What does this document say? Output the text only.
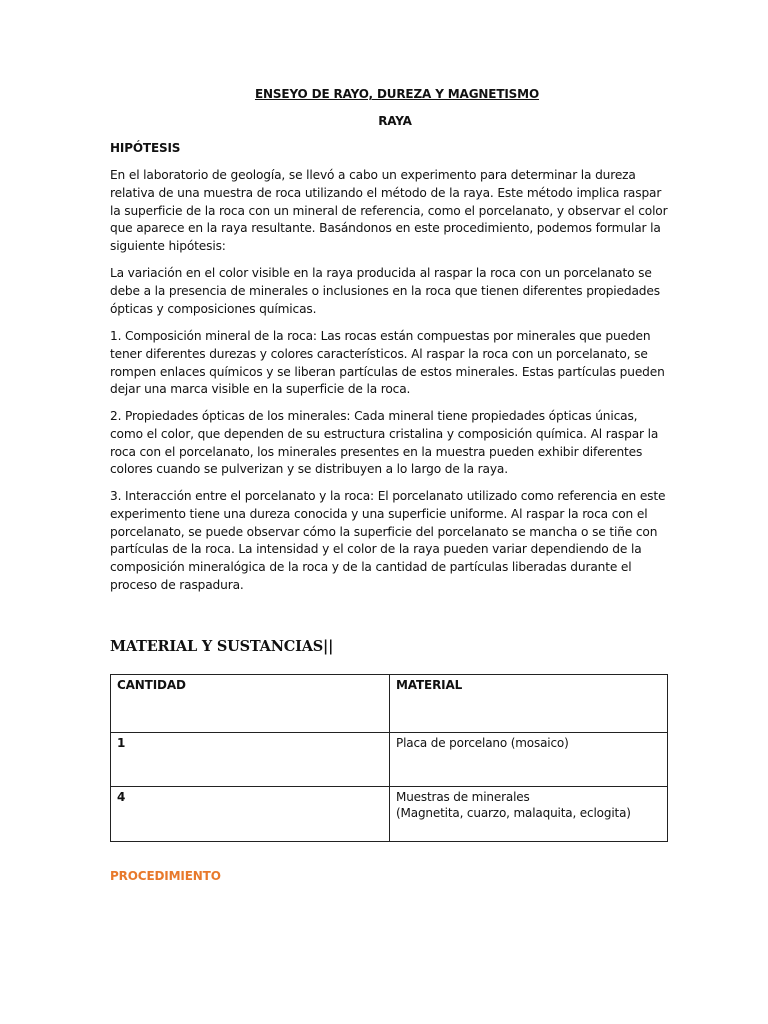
ENSEYO DE RAYO, DUREZA Y MAGNETISMO
RAYA
HIPÓTESIS

En el laboratorio de geología, se llevó a cabo un experimento para determinar la dureza relativa de una muestra de roca utilizando el método de la raya. Este método implica raspar la superficie de la roca con un mineral de referencia, como el porcelanato, y observar el color que aparece en la raya resultante. Basándonos en este procedimiento, podemos formular la siguiente hipótesis:

La variación en el color visible en la raya producida al raspar la roca con un porcelanato se debe a la presencia de minerales o inclusiones en la roca que tienen diferentes propiedades ópticas y composiciones químicas.

1. Composición mineral de la roca: Las rocas están compuestas por minerales que pueden tener diferentes durezas y colores característicos. Al raspar la roca con un porcelanato, se rompen enlaces químicos y se liberan partículas de estos minerales. Estas partículas pueden dejar una marca visible en la superficie de la roca.

2. Propiedades ópticas de los minerales: Cada mineral tiene propiedades ópticas únicas, como el color, que dependen de su estructura cristalina y composición química. Al raspar la roca con el porcelanato, los minerales presentes en la muestra pueden exhibir diferentes colores cuando se pulverizan y se distribuyen a lo largo de la raya.

3. Interacción entre el porcelanato y la roca: El porcelanato utilizado como referencia en este experimento tiene una dureza conocida y una superficie uniforme. Al raspar la roca con el porcelanato, se puede observar cómo la superficie del porcelanato se mancha o se tiñe con partículas de la roca. La intensidad y el color de la raya pueden variar dependiendo de la composición mineralógica de la roca y de la cantidad de partículas liberadas durante el proceso de raspadura.

MATERIAL Y SUSTANCIAS||
CANTIDAD	MATERIAL
1	Placa de porcelano (mosaico)
4	Muestras de minerales
(Magnetita, cuarzo, malaquita, eclogita)
PROCEDIMIENTO
